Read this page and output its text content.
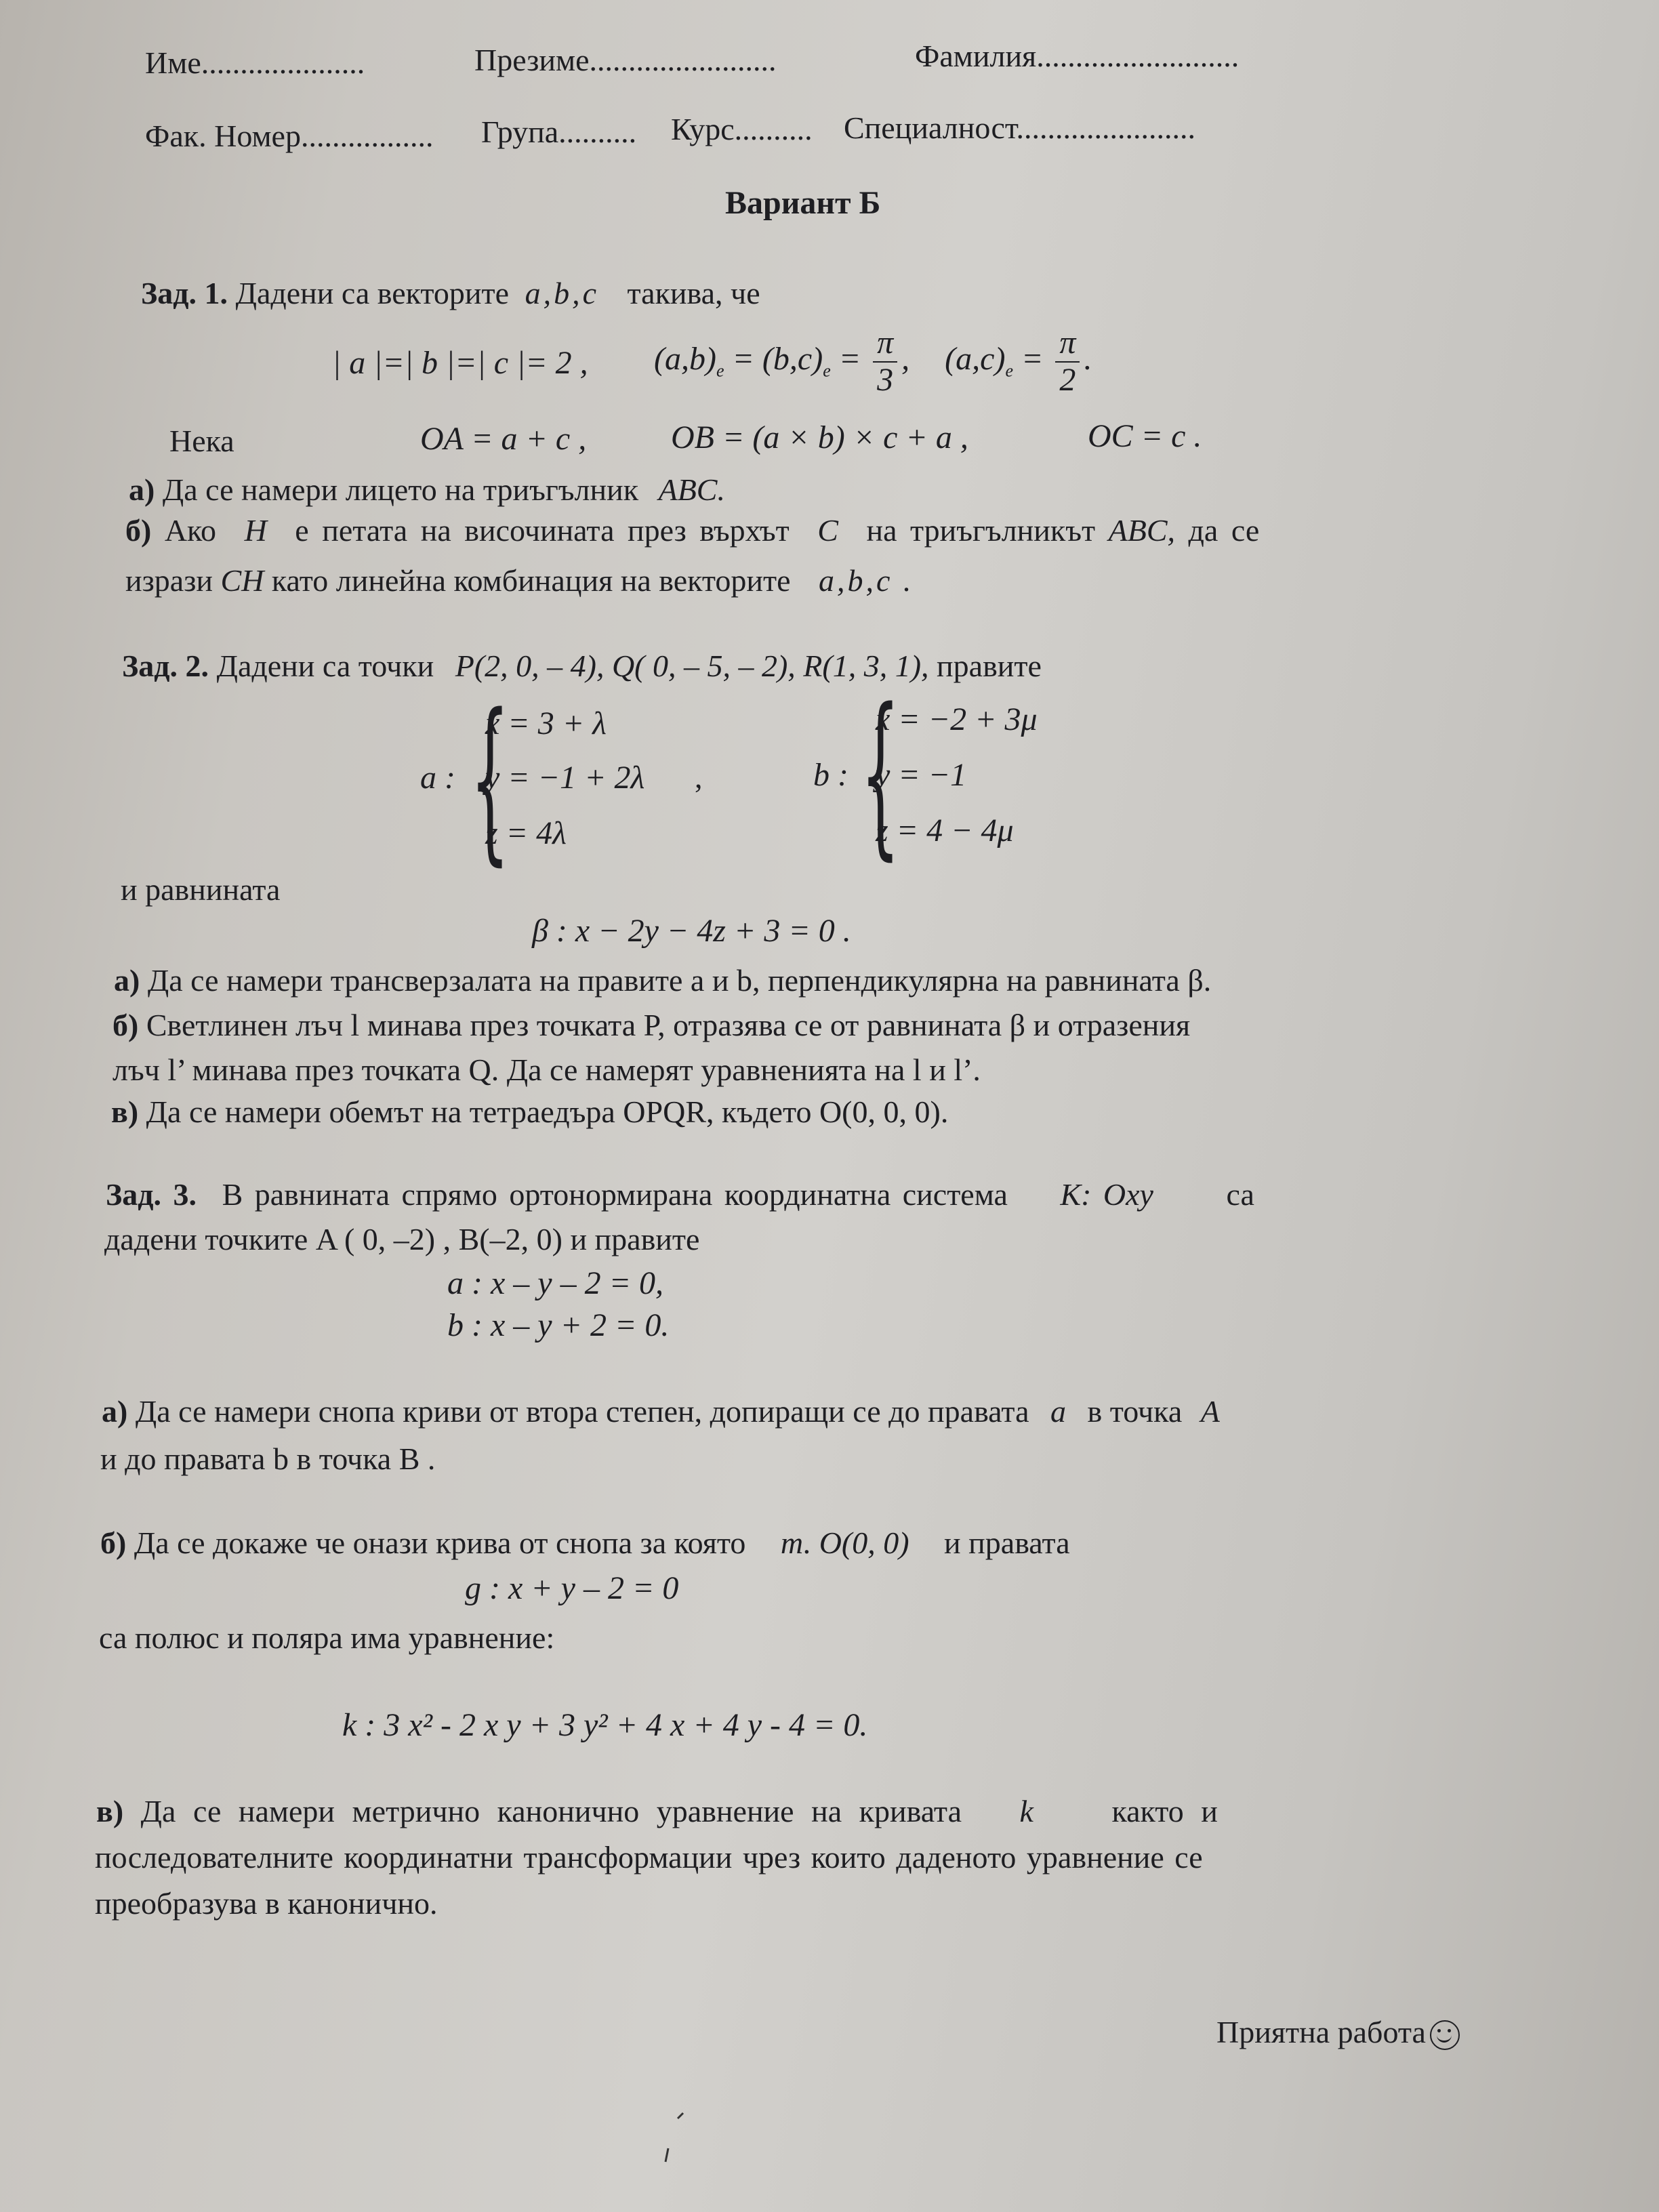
Име.....................	Презиме........................	Фамилия..........................
Фак. Номер................. Група.......... Курс.......... Специалност.......................
Вариант Б
Зад. 1. Дадени са векторите a,b,c такива, че
| a |=| b |=| c |= 2 , $(a,b)_e = (b,c)_e = \frac{\pi}{3}$ , $(a,c)_e = \frac{\pi}{2}$ .
Нека	OA = a + c ,	OB = (a × b) × c + a ,	OC = c .
а) Да се намери лицето на триъгълник ABC.
б) Ако H е петата на височината през върхът C на триъгълникът ABC, да се
изрази CH като линейна комбинация на векторите a,b,c .
Зад. 2. Дадени са точки P(2, 0, – 4), Q( 0, – 5, – 2), R(1, 3, 1), правите
a : {
x = 3 + λ
y = −1 + 2λ
z = 4λ
,	b : {
x = −2 + 3μ
y = −1
z = 4 − 4μ
и равнината
β : x − 2y − 4z + 3 = 0 .
а) Да се намери трансверзалата на правите a и b, перпендикулярна на равнината β.
б) Светлинен лъч l минава през точката P, отразява се от равнината β и отразения
лъч l’ минава през точката Q. Да се намерят уравненията на l и l’.
в) Да се намери обемът на тетраедъра OPQR, където O(0, 0, 0).
Зад. 3. В равнината спрямо ортонормирана координатна система K: Oxy са
дадени точките A ( 0, –2) , B(–2, 0) и правите
a : x – y – 2 = 0,
b : x – y + 2 = 0.
а) Да се намери снопа криви от втора степен, допиращи се до правата a в точка A
и до правата b в точка B .
б) Да се докаже че онази крива от снопа за която т. O(0, 0) и правата
g : x + y – 2 = 0
са полюс и поляра има уравнение:
k : 3 x² - 2 x y + 3 y² + 4 x + 4 y - 4 = 0.
в) Да се намери метрично канонично уравнение на кривата k	както и
последователните координатни трансформации чрез които даденото уравнение се
преобразува в канонично.
Приятна работа
